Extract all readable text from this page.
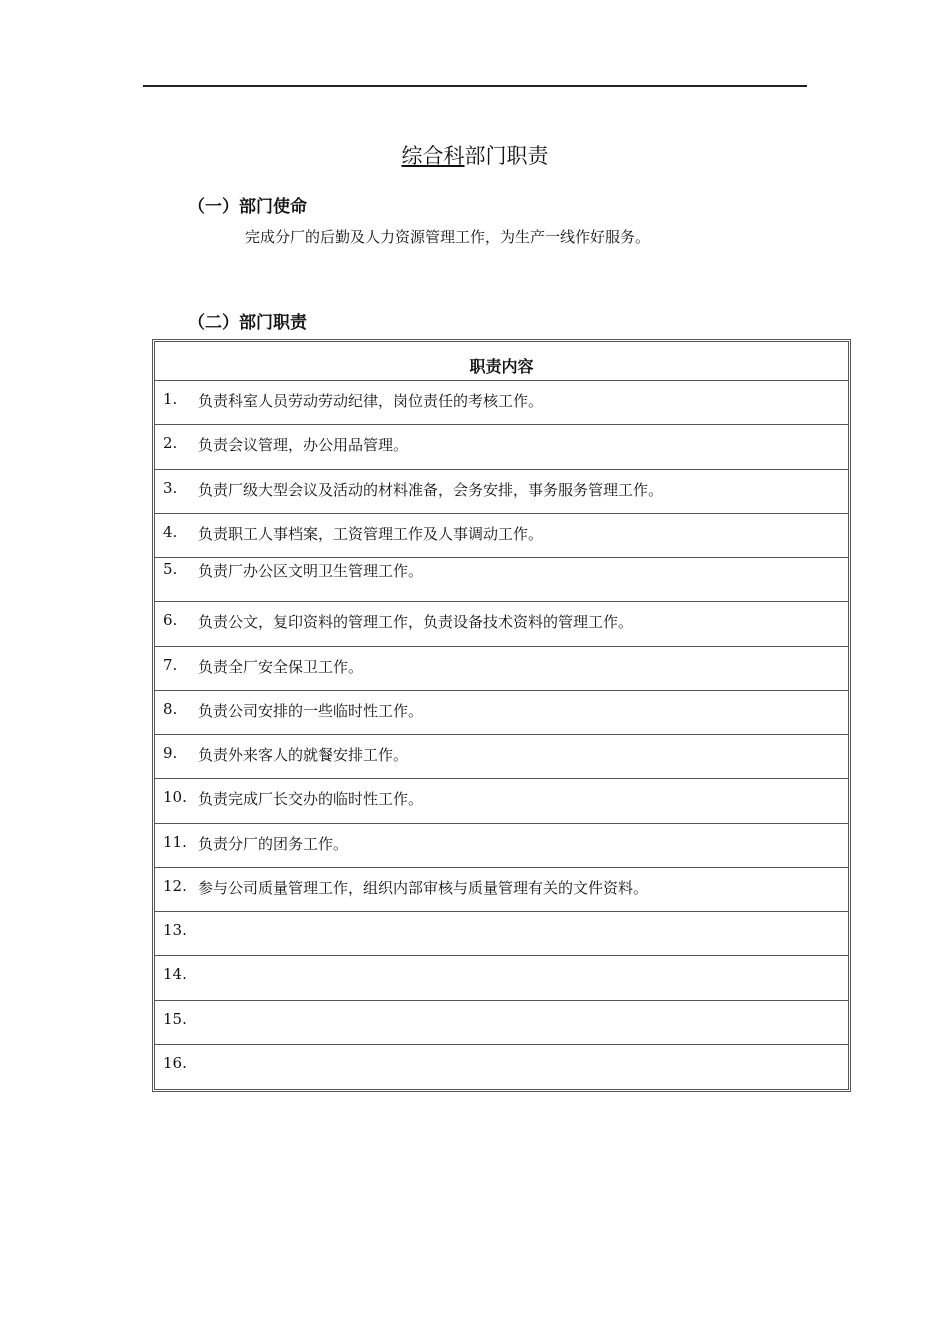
综合科部门职责
（一）部门使命
完成分厂的后勤及人力资源管理工作，为生产一线作好服务。
（二）部门职责
职责内容
1. 负责科室人员劳动劳动纪律，岗位责任的考核工作。
2. 负责会议管理，办公用品管理。
3. 负责厂级大型会议及活动的材料准备，会务安排，事务服务管理工作。
4. 负责职工人事档案，工资管理工作及人事调动工作。
5. 负责厂办公区文明卫生管理工作。
6. 负责公文，复印资料的管理工作，负责设备技术资料的管理工作。
7. 负责全厂安全保卫工作。
8. 负责公司安排的一些临时性工作。
9. 负责外来客人的就餐安排工作。
10. 负责完成厂长交办的临时性工作。
11. 负责分厂的团务工作。
12. 参与公司质量管理工作，组织内部审核与质量管理有关的文件资料。
13.
14.
15.
16.
